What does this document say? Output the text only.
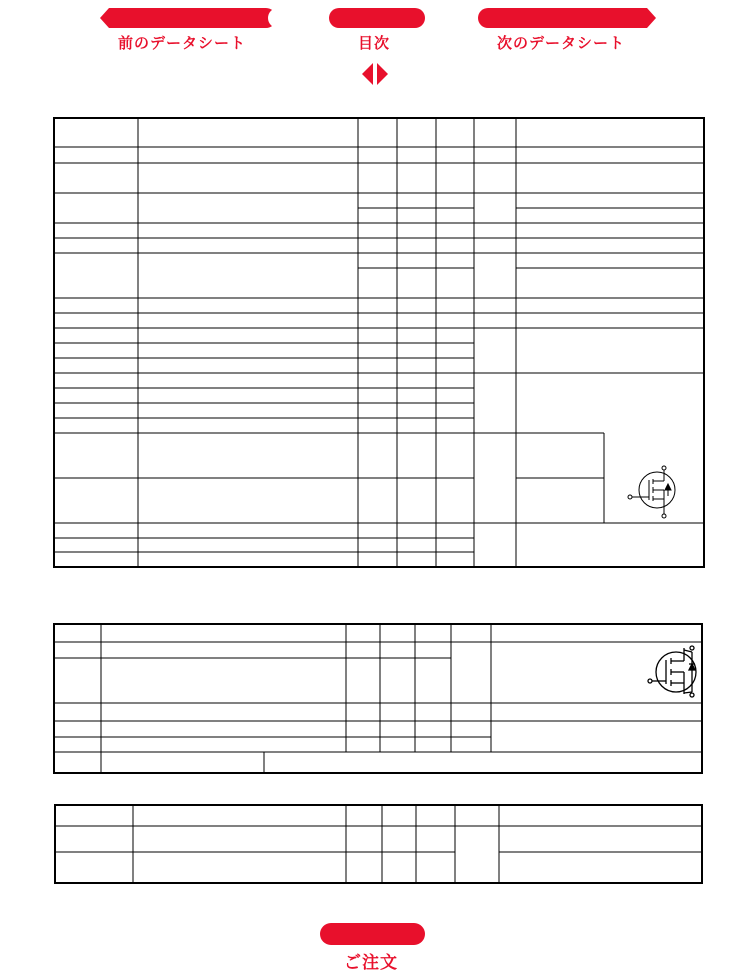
前のデータシート	目次	次のデータシート
ご注文
